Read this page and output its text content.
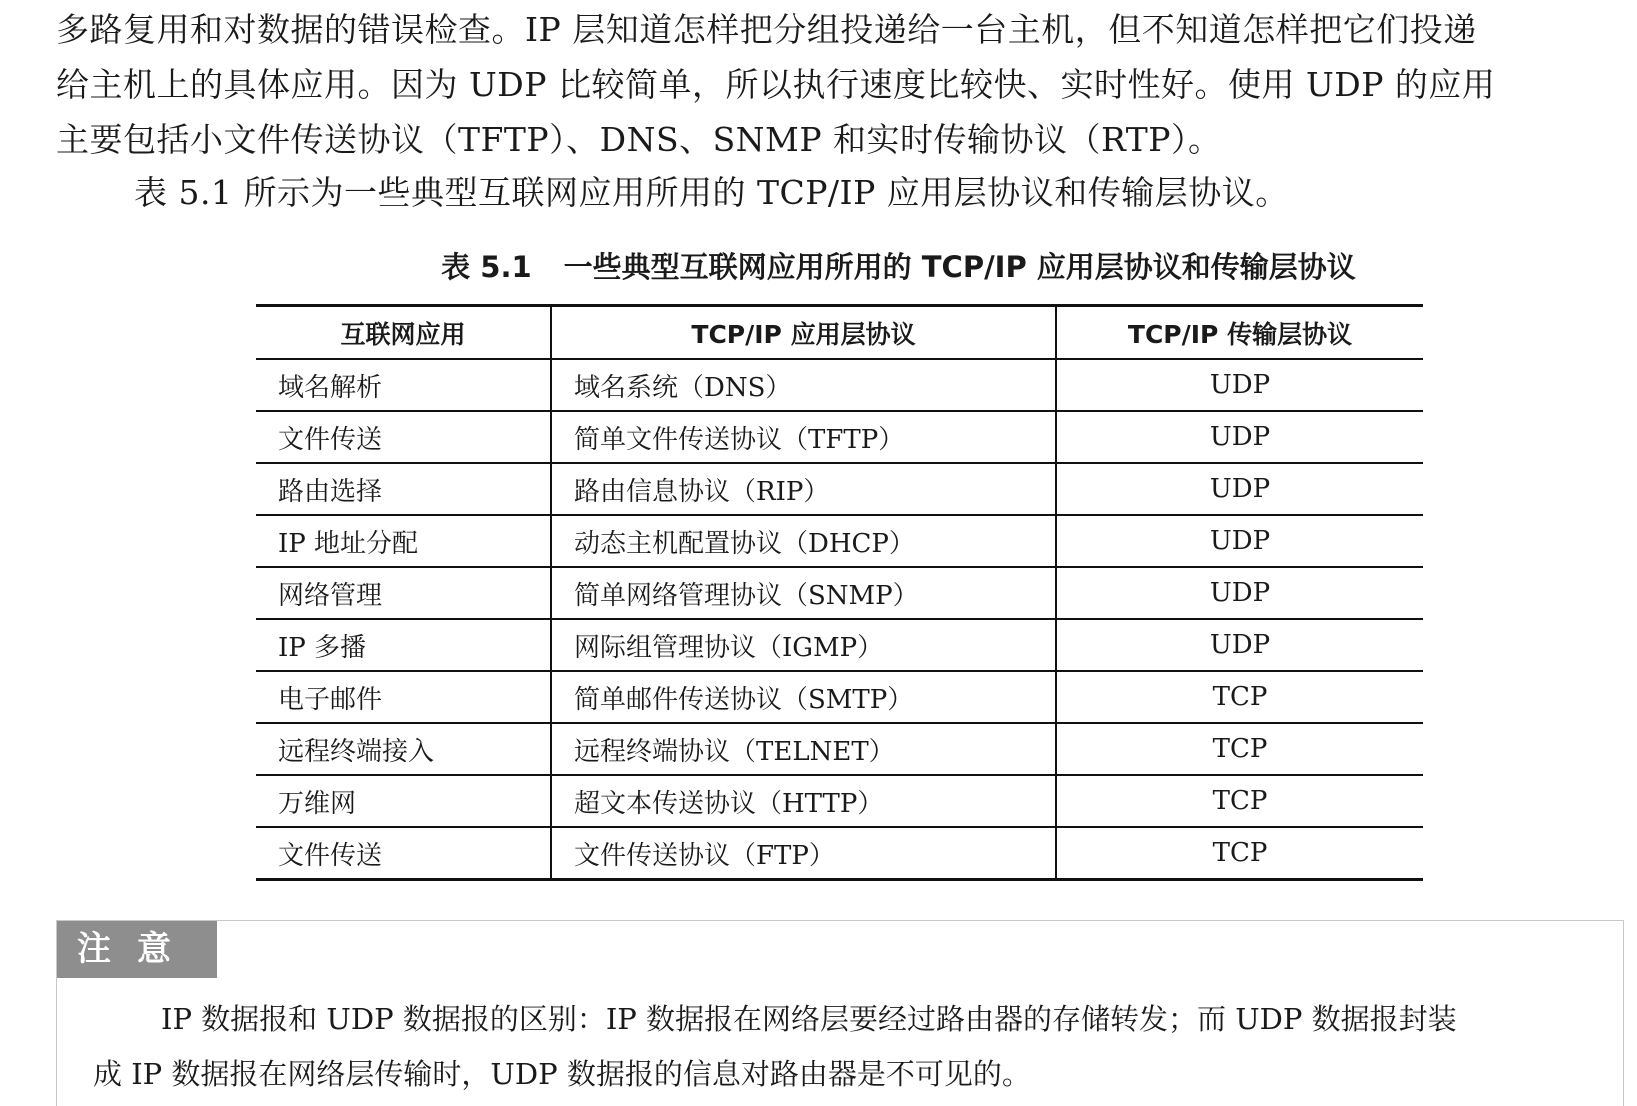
多路复用和对数据的错误检查。IP 层知道怎样把分组投递给一台主机，但不知道怎样把它们投递
给主机上的具体应用。因为 UDP 比较简单，所以执行速度比较快、实时性好。使用 UDP 的应用
主要包括小文件传送协议（TFTP）、DNS、SNMP 和实时传输协议（RTP）。
表 5.1 所示为一些典型互联网应用所用的 TCP/IP 应用层协议和传输层协议。
表 5.1 一些典型互联网应用所用的 TCP/IP 应用层协议和传输层协议
互联网应用	TCP/IP 应用层协议	TCP/IP 传输层协议
域名解析	域名系统（DNS）	UDP
文件传送	简单文件传送协议（TFTP）	UDP
路由选择	路由信息协议（RIP）	UDP
IP 地址分配	动态主机配置协议（DHCP）	UDP
网络管理	简单网络管理协议（SNMP）	UDP
IP 多播	网际组管理协议（IGMP）	UDP
电子邮件	简单邮件传送协议（SMTP）	TCP
远程终端接入	远程终端协议（TELNET）	TCP
万维网	超文本传送协议（HTTP）	TCP
文件传送	文件传送协议（FTP）	TCP
注意
IP 数据报和 UDP 数据报的区别：IP 数据报在网络层要经过路由器的存储转发；而 UDP 数据报封装
成 IP 数据报在网络层传输时，UDP 数据报的信息对路由器是不可见的。
